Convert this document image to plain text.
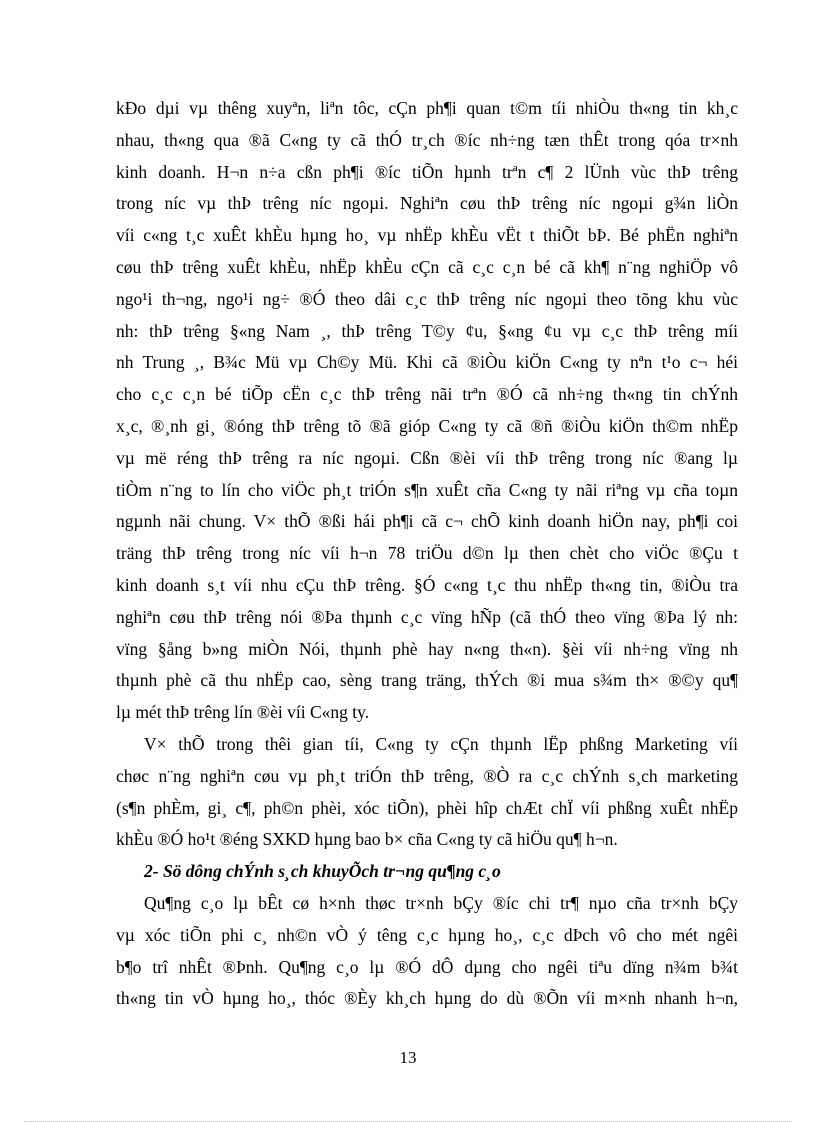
kÐo dµi vµ thêng xuyªn, liªn tôc, cÇn ph¶i quan t©m tíi nhiÒu th«ng tin kh¸c
nhau, th«ng qua ®ã C«ng ty cã thÓ tr¸ch ®íc nh÷ng tæn thÊt trong qóa tr×nh
kinh doanh. H¬n n÷a cßn ph¶i ®íc tiÕn hµnh trªn c¶ 2 lÜnh vùc thÞ trêng
trong níc vµ thÞ trêng níc ngoµi. Nghiªn cøu thÞ trêng níc ngoµi g¾n liÒn
víi c«ng t¸c xuÊt khÈu hµng ho¸ vµ nhËp khÈu vËt t thiÕt bÞ. Bé phËn nghiªn
cøu thÞ trêng xuÊt khÈu, nhËp khÈu cÇn cã c¸c c¸n bé cã kh¶ n¨ng nghiÖp vô
ngo¹i th¬ng, ngo¹i ng÷ ®Ó theo dâi c¸c thÞ trêng níc ngoµi theo tõng khu vùc
nh: thÞ trêng §«ng Nam ¸, thÞ trêng T©y ¢u, §«ng ¢u vµ c¸c thÞ trêng míi
nh Trung ¸, B¾c Mü vµ Ch©y Mü. Khi cã ®iÒu kiÖn C«ng ty nªn t¹o c¬ héi
cho c¸c c¸n bé tiÕp cËn c¸c thÞ trêng nãi trªn ®Ó cã nh÷ng th«ng tin chÝnh
x¸c, ®¸nh gi¸ ®óng thÞ trêng tõ ®ã gióp C«ng ty cã ®ñ ®iÒu kiÖn th©m nhËp
vµ më réng thÞ trêng ra níc ngoµi. Cßn ®èi víi thÞ trêng trong níc ®ang lµ
tiÒm n¨ng to lín cho viÖc ph¸t triÓn s¶n xuÊt cña C«ng ty nãi riªng vµ cña toµn
ngµnh nãi chung. V× thÕ ®ßi hái ph¶i cã c¬ chÕ kinh doanh hiÖn nay, ph¶i coi
träng thÞ trêng trong níc víi h¬n 78 triÖu d©n lµ then chèt cho viÖc ®Çu t
kinh doanh s¸t víi nhu cÇu thÞ trêng. §Ó c«ng t¸c thu nhËp th«ng tin, ®iÒu tra
nghiªn cøu thÞ trêng nói ®Þa thµnh c¸c vïng hÑp (cã thÓ theo vïng ®Þa lý nh:
vïng §ång b»ng miÒn Nói, thµnh phè hay n«ng th«n). §èi víi nh÷ng vïng nh
thµnh phè cã thu nhËp cao, sèng trang träng, thÝch ®i mua s¾m th× ®©y qu¶
lµ mét thÞ trêng lín ®èi víi C«ng ty.
V× thÕ trong thêi gian tíi, C«ng ty cÇn thµnh lËp phßng Marketing víi
chøc n¨ng nghiªn cøu vµ ph¸t triÓn thÞ trêng, ®Ò ra c¸c chÝnh s¸ch marketing
(s¶n phÈm, gi¸ c¶, ph©n phèi, xóc tiÕn), phèi hîp chÆt chÏ víi phßng xuÊt nhËp
khÈu ®Ó ho¹t ®éng SXKD hµng bao b× cña C«ng ty cã hiÖu qu¶ h¬n.
2- Sö dông chÝnh s¸ch khuyÕch tr¬ng qu¶ng c¸o
Qu¶ng c¸o lµ bÊt cø h×nh thøc tr×nh bÇy ®íc chi tr¶ nµo cña tr×nh bÇy
vµ xóc tiÕn phi c¸ nh©n vÒ ý têng c¸c hµng ho¸, c¸c dÞch vô cho mét ngêi
b¶o trî nhÊt ®Þnh. Qu¶ng c¸o lµ ®Ó dÔ dµng cho ngêi tiªu dïng n¾m b¾t
th«ng tin vÒ hµng ho¸, thóc ®Èy kh¸ch hµng do dù ®Õn víi m×nh nhanh h¬n,
13
